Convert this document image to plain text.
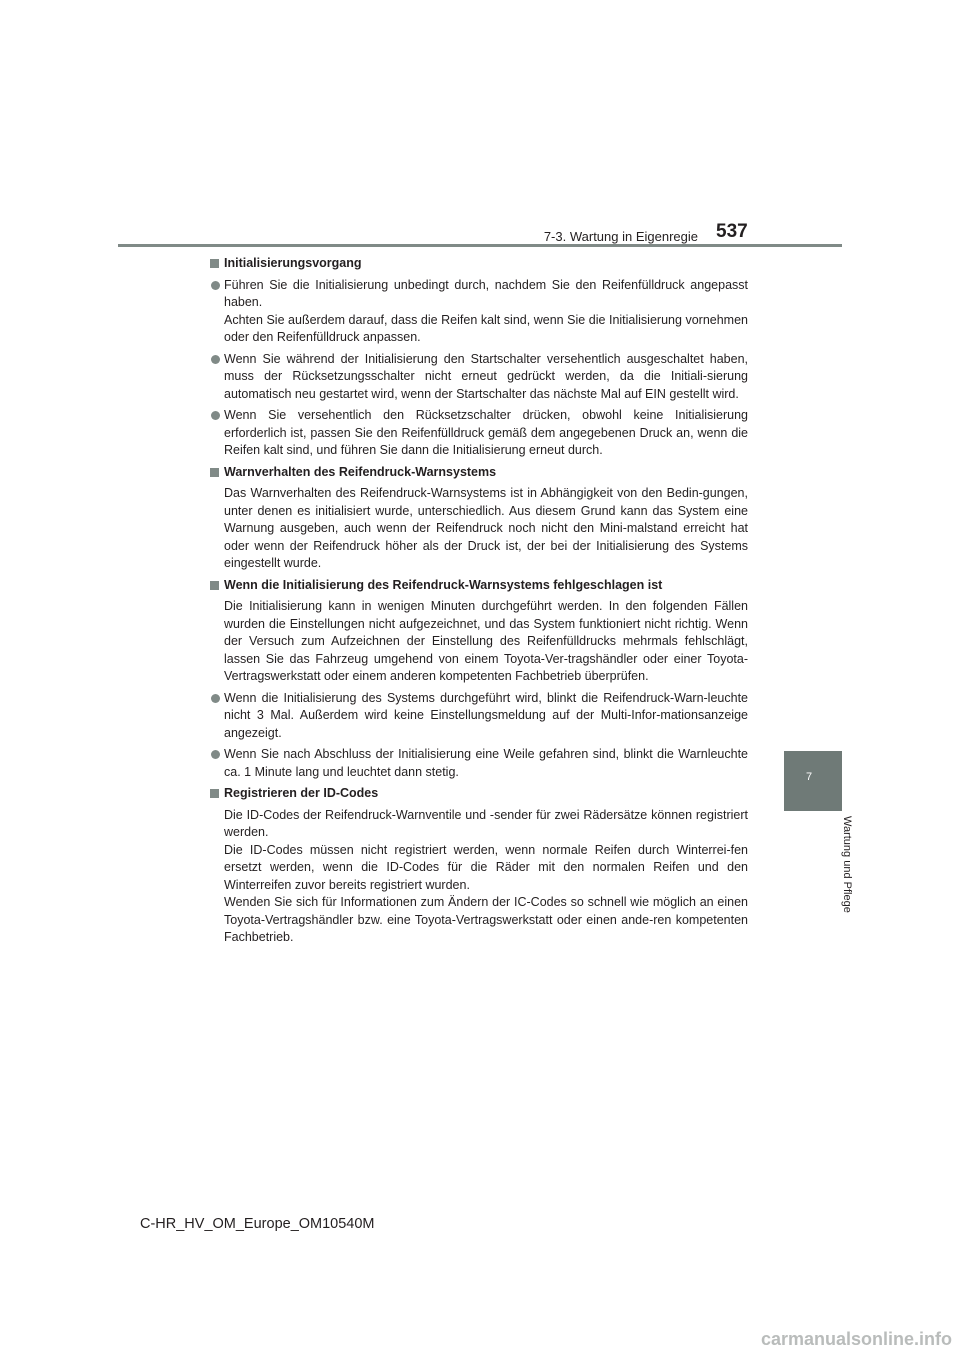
7-3. Wartung in Eigenregie 537
7
Wartung und Pflege
Initialisierungsvorgang
Führen Sie die Initialisierung unbedingt durch, nachdem Sie den Reifenfülldruck angepasst haben.
Achten Sie außerdem darauf, dass die Reifen kalt sind, wenn Sie die Initialisierung vornehmen oder den Reifenfülldruck anpassen.
Wenn Sie während der Initialisierung den Startschalter versehentlich ausgeschaltet haben, muss der Rücksetzungsschalter nicht erneut gedrückt werden, da die Initiali-sierung automatisch neu gestartet wird, wenn der Startschalter das nächste Mal auf EIN gestellt wird.
Wenn Sie versehentlich den Rücksetzschalter drücken, obwohl keine Initialisierung erforderlich ist, passen Sie den Reifenfülldruck gemäß dem angegebenen Druck an, wenn die Reifen kalt sind, und führen Sie dann die Initialisierung erneut durch.
Warnverhalten des Reifendruck-Warnsystems
Das Warnverhalten des Reifendruck-Warnsystems ist in Abhängigkeit von den Bedin-gungen, unter denen es initialisiert wurde, unterschiedlich. Aus diesem Grund kann das System eine Warnung ausgeben, auch wenn der Reifendruck noch nicht den Mini-malstand erreicht hat oder wenn der Reifendruck höher als der Druck ist, der bei der Initialisierung des Systems eingestellt wurde.
Wenn die Initialisierung des Reifendruck-Warnsystems fehlgeschlagen ist
Die Initialisierung kann in wenigen Minuten durchgeführt werden. In den folgenden Fällen wurden die Einstellungen nicht aufgezeichnet, und das System funktioniert nicht richtig. Wenn der Versuch zum Aufzeichnen der Einstellung des Reifenfülldrucks mehrmals fehlschlägt, lassen Sie das Fahrzeug umgehend von einem Toyota-Ver-tragshändler oder einer Toyota-Vertragswerkstatt oder einem anderen kompetenten Fachbetrieb überprüfen.
Wenn die Initialisierung des Systems durchgeführt wird, blinkt die Reifendruck-Warn-leuchte nicht 3 Mal. Außerdem wird keine Einstellungsmeldung auf der Multi-Infor-mationsanzeige angezeigt.
Wenn Sie nach Abschluss der Initialisierung eine Weile gefahren sind, blinkt die Warnleuchte ca. 1 Minute lang und leuchtet dann stetig.
Registrieren der ID-Codes
Die ID-Codes der Reifendruck-Warnventile und -sender für zwei Rädersätze können registriert werden.
Die ID-Codes müssen nicht registriert werden, wenn normale Reifen durch Winterrei-fen ersetzt werden, wenn die ID-Codes für die Räder mit den normalen Reifen und den Winterreifen zuvor bereits registriert wurden.
Wenden Sie sich für Informationen zum Ändern der IC-Codes so schnell wie möglich an einen Toyota-Vertragshändler bzw. eine Toyota-Vertragswerkstatt oder einen ande-ren kompetenten Fachbetrieb.
C-HR_HV_OM_Europe_OM10540M
carmanualsonline.info
